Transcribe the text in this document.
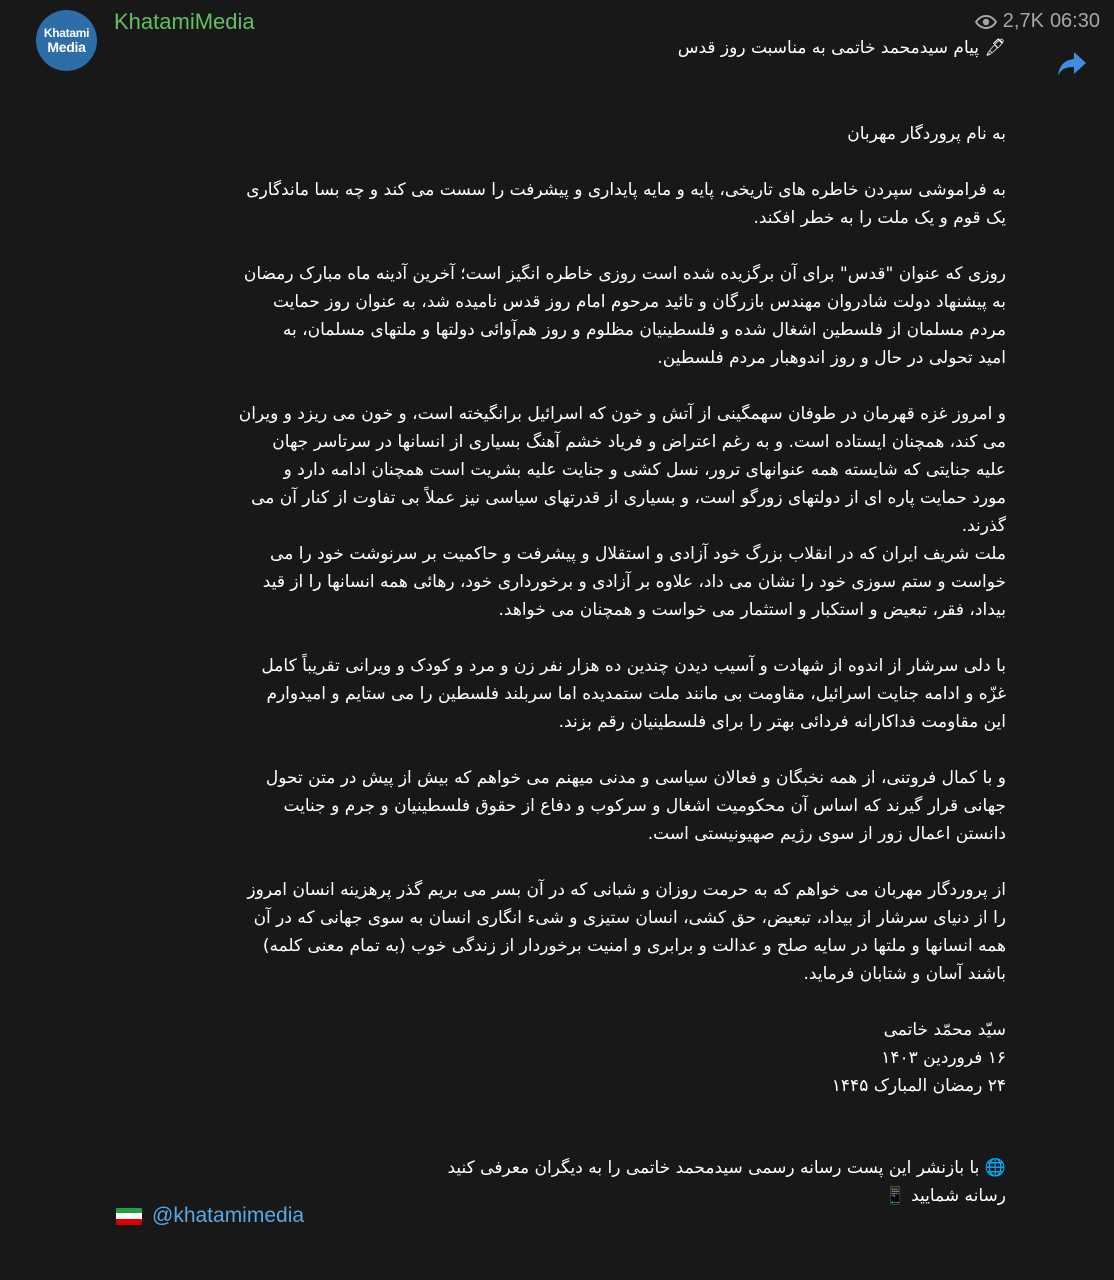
Khatami
Media
KhatamiMedia	2,7K 06:30
🖋 پیام سیدمحمد خاتمی به مناسبت روز قدس
به نام پروردگار مهربان

به فراموشی سپردن خاطره های تاریخی، پایه و مایه پایداری و پیشرفت را سست می کند و چه بسا ماندگاری
یک قوم و یک ملت را به خطر افکند.

روزی که عنوان "قدس" برای آن برگزیده شده است روزی خاطره انگیز است؛ آخرین آدینه ماه مبارک رمضان
به پیشنهاد دولت شادروان مهندس بازرگان و تائید مرحوم امام روز قدس نامیده شد، به عنوان روز حمایت
مردم مسلمان از فلسطین اشغال شده و فلسطینیان مظلوم و روز هم‌آوائی دولتها و ملتهای مسلمان، به
امید تحولی در حال و روز اندوهبار مردم فلسطین.

و امروز غزه قهرمان در طوفان سهمگینی از آتش و خون که اسرائیل برانگیخته است، و خون می ریزد و ویران
می کند، همچنان ایستاده است. و به رغم اعتراض و فریاد خشم آهنگ بسیاری از انسانها در سرتاسر جهان
علیه جنایتی که شایسته همه عنوانهای ترور، نسل کشی و جنایت علیه بشریت است همچنان ادامه دارد و
مورد حمایت پاره ای از دولتهای زورگو است، و بسیاری از قدرتهای سیاسی نیز عملاً بی تفاوت از کنار آن می
گذرند.

ملت شریف ایران که در انقلاب بزرگ خود آزادی و استقلال و پیشرفت و حاکمیت بر سرنوشت خود را می
خواست و ستم سوزی خود را نشان می داد، علاوه بر آزادی و برخورداری خود، رهائی همه انسانها را از قید
بیداد، فقر، تبعیض و استکبار و استثمار می خواست و همچنان می خواهد.

با دلی سرشار از اندوه از شهادت و آسیب دیدن چندین ده هزار نفر زن و مرد و کودک و ویرانی تقریباً کامل
غزّه و ادامه جنایت اسرائیل، مقاومت بی مانند ملت ستمدیده اما سربلند فلسطین را می ستایم و امیدوارم
این مقاومت فداکارانه فردائی بهتر را برای فلسطینیان رقم بزند.

و با کمال فروتنی، از همه نخبگان و فعالان سیاسی و مدنی میهنم می خواهم که بیش از پیش در متن تحول
جهانی قرار گیرند که اساس آن محکومیت اشغال و سرکوب و دفاع از حقوق فلسطینیان و جرم و جنایت
دانستن اعمال زور از سوی رژیم صهیونیستی است.

از پروردگار مهربان می خواهم که به حرمت روزان و شبانی که در آن بسر می بریم گذر پرهزینه انسان امروز
را از دنیای سرشار از بیداد، تبعیض، حق کشی، انسان ستیزی و شیء انگاری انسان به سوی جهانی که در آن
همه انسانها و ملتها در سایه صلح و عدالت و برابری و امنیت برخوردار از زندگی خوب (به تمام معنی کلمه)
باشند آسان و شتابان فرماید.

سیّد محمّد خاتمی
۱۶ فروردین ۱۴۰۳
۲۴ رمضان المبارک ۱۴۴۵
🌐 با بازنشر این پست رسانه رسمی سیدمحمد خاتمی را به دیگران معرفی کنید
رسانه شمایید 📱
@khatamimedia
